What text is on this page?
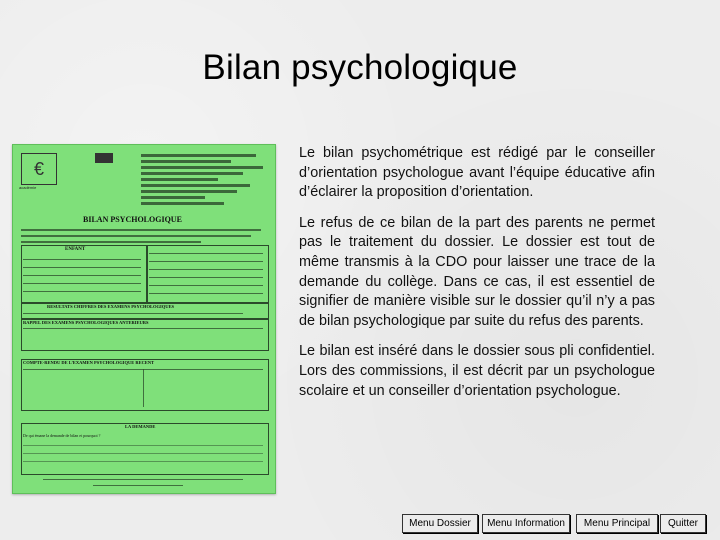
Bilan psychologique
€
académie
BILAN PSYCHOLOGIQUE
ENFANT
RESULTATS CHIFFRES DES EXAMENS PSYCHOLOGIQUES
RAPPEL DES EXAMENS PSYCHOLOGIQUES ANTERIEURS
COMPTE-RENDU DE L’EXAMEN PSYCHOLOGIQUE RECENT
LA DEMANDE
De qui émane la demande de bilan et pourquoi ?

Le bilan psychométrique est rédigé par le conseiller d’orientation psychologue avant l’équipe éducative afin d’éclairer la proposition d’orientation.

Le refus de ce bilan de la part des parents ne permet pas le traitement du dossier. Le dossier est tout de même transmis à la CDO pour laisser une trace de la demande du collège. Dans ce cas, il est essentiel de signifier de manière visible sur le dossier qu’il n’y a pas de bilan psychologique par suite du refus des parents.

Le bilan est inséré dans le dossier sous pli confidentiel. Lors des commissions, il est décrit par un psychologue scolaire et un conseiller d’orientation psychologue.

Menu Dossier	Menu Information	Menu Principal	Quitter
